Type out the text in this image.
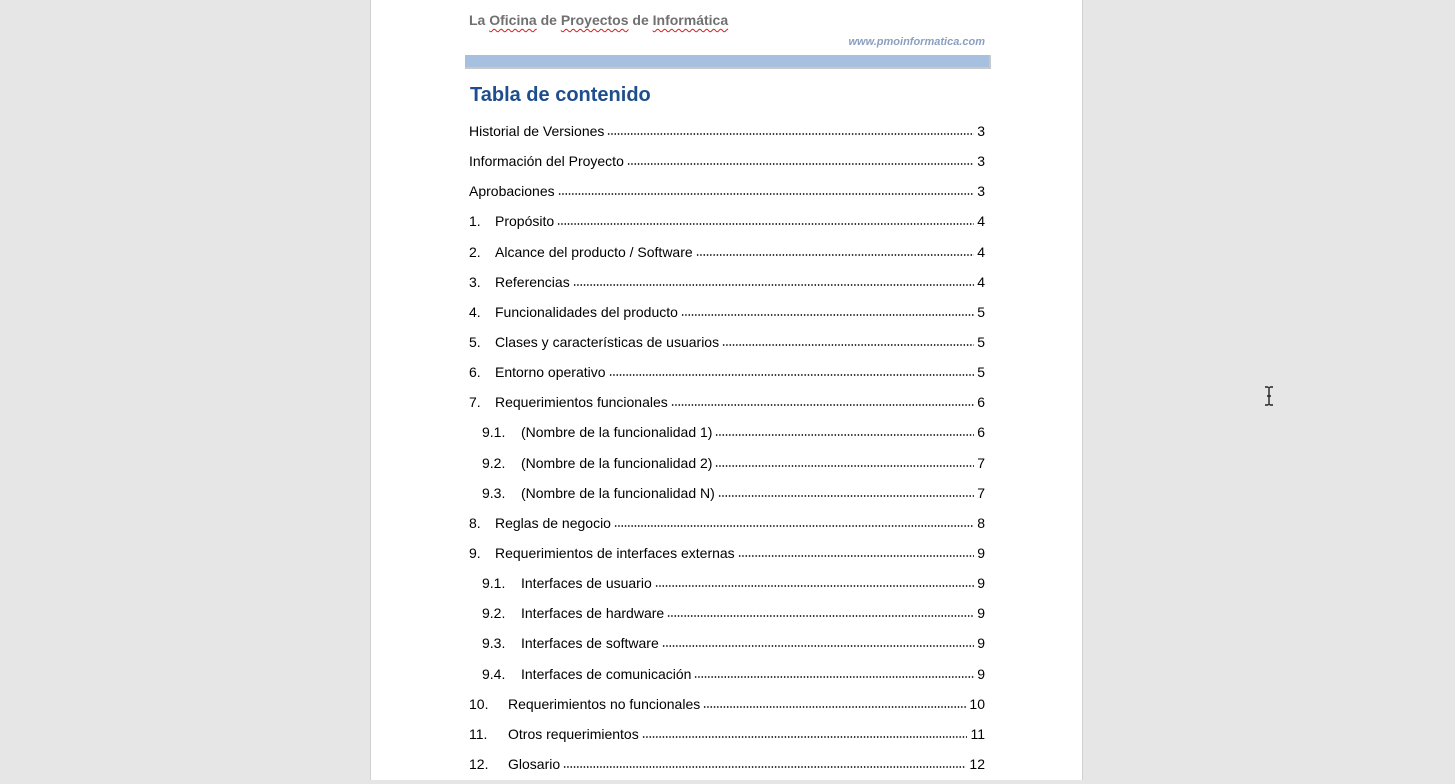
La Oficina de Proyectos de Informática
www.pmoinformatica.com
Tabla de contenido
Historial de Versiones	3
Información del Proyecto	3
Aprobaciones	3
1.	Propósito	4
2.	Alcance del producto / Software	4
3.	Referencias	4
4.	Funcionalidades del producto	5
5.	Clases y características de usuarios	5
6.	Entorno operativo	5
7.	Requerimientos funcionales	6
9.1.	(Nombre de la funcionalidad 1)	6
9.2.	(Nombre de la funcionalidad 2)	7
9.3.	(Nombre de la funcionalidad N)	7
8.	Reglas de negocio	8
9.	Requerimientos de interfaces externas	9
9.1.	Interfaces de usuario	9
9.2.	Interfaces de hardware	9
9.3.	Interfaces de software	9
9.4.	Interfaces de comunicación	9
10.	Requerimientos no funcionales	10
11.	Otros requerimientos	11
12.	Glosario	12
